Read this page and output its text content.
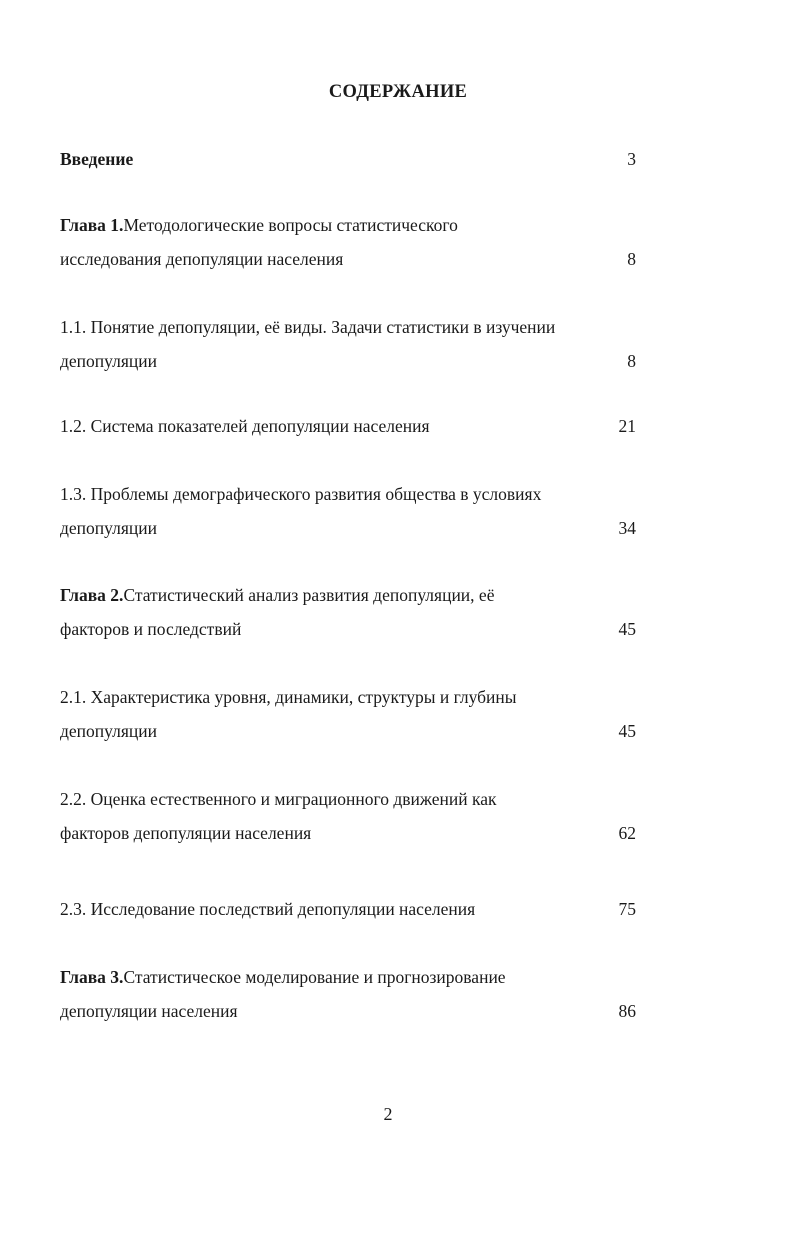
СОДЕРЖАНИЕ
Введение	3
Глава 1.Методологические вопросы статистического
исследования депопуляции населения	8
1.1. Понятие депопуляции, её виды. Задачи статистики в изучении
депопуляции	8
1.2. Система показателей депопуляции населения	21
1.3. Проблемы демографического развития общества в условиях
депопуляции	34
Глава 2.Статистический анализ развития депопуляции, её
факторов и последствий	45
2.1. Характеристика уровня, динамики, структуры и глубины
депопуляции	45
2.2. Оценка естественного и миграционного движений как
факторов депопуляции населения	62
2.3. Исследование последствий депопуляции населения	75
Глава 3.Статистическое моделирование и прогнозирование
депопуляции населения	86
2
